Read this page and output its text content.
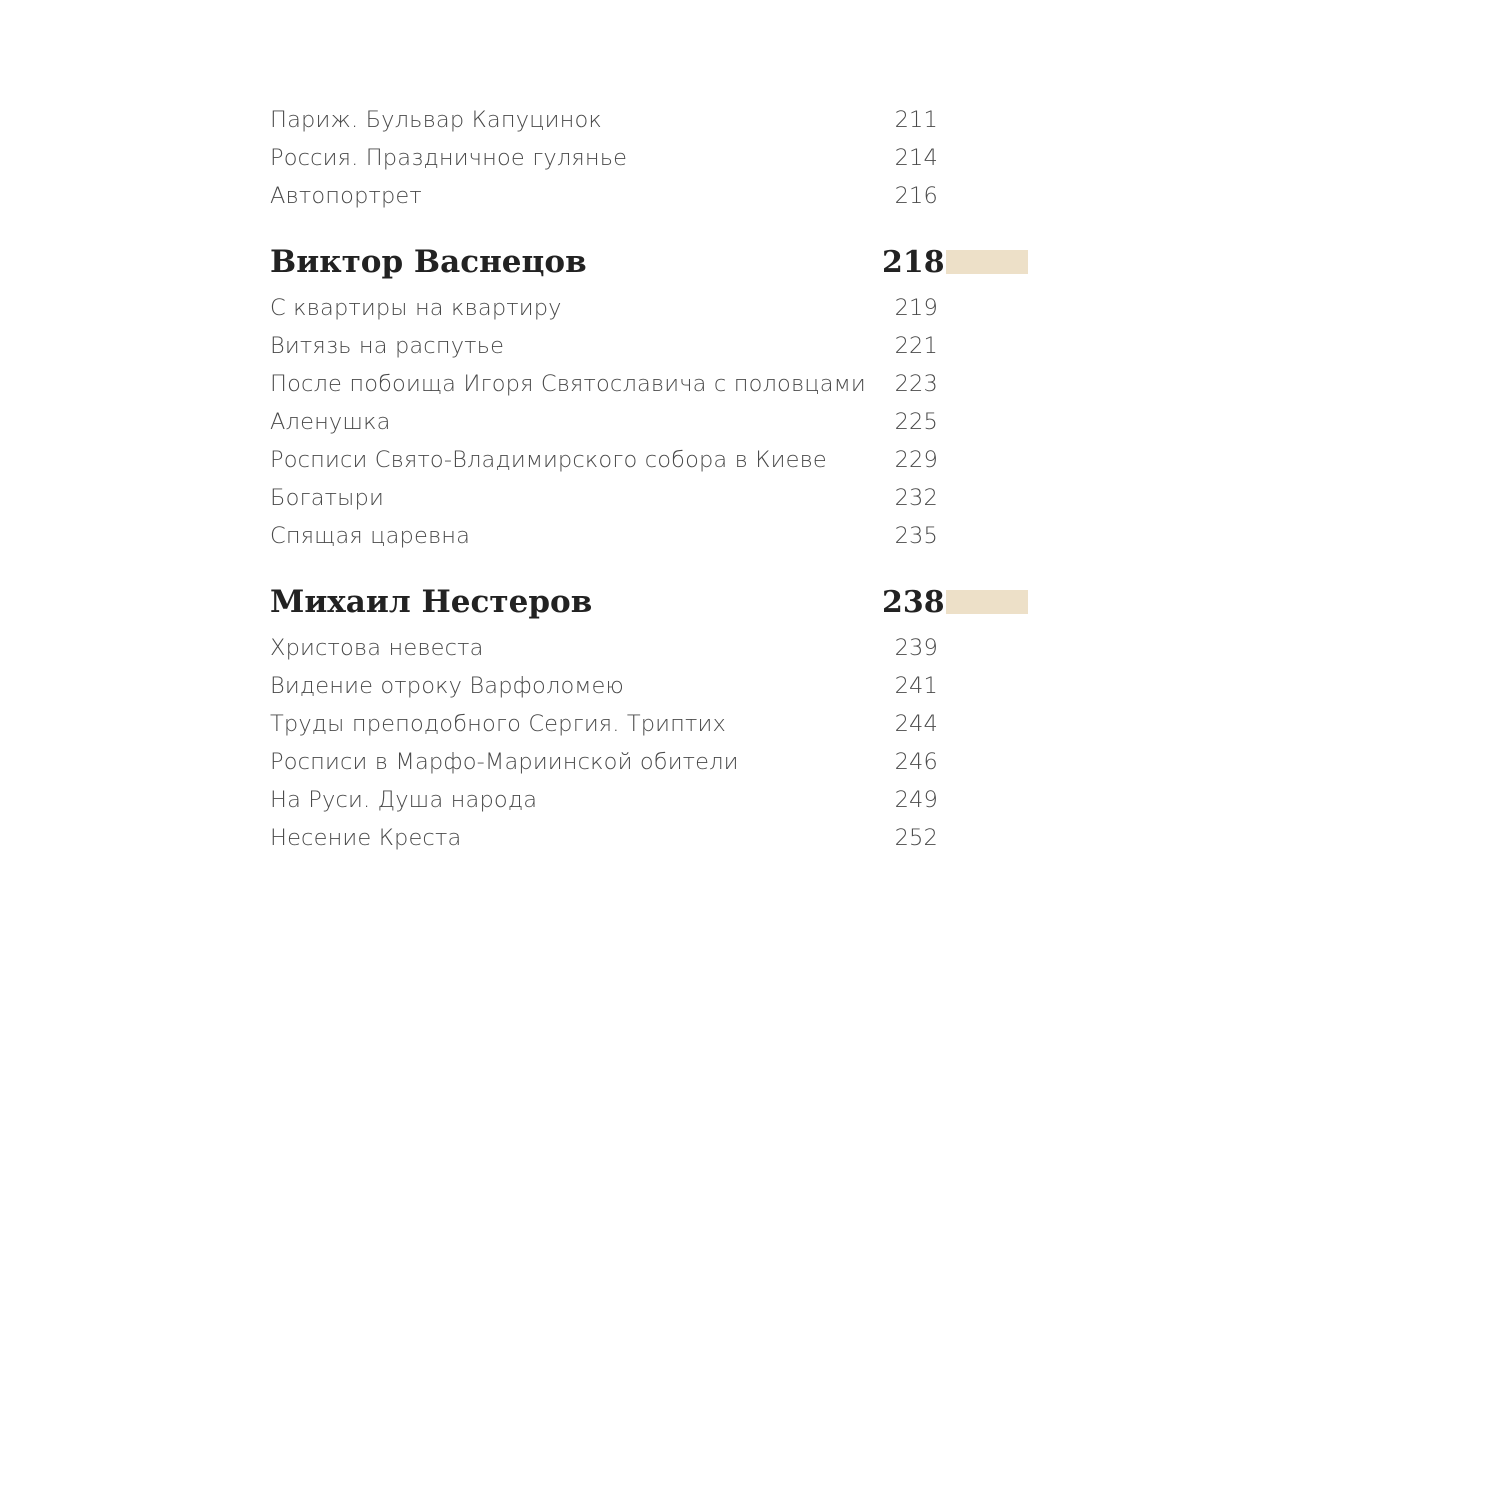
Париж. Бульвар Капуцинок	211
Россия. Праздничное гулянье	214
Автопортрет	216
Виктор Васнецов	218
С квартиры на квартиру	219
Витязь на распутье	221
После побоища Игоря Святославича с половцами	223
Аленушка	225
Росписи Свято-Владимирского собора в Киеве	229
Богатыри	232
Спящая царевна	235
Михаил Нестеров	238
Христова невеста	239
Видение отроку Варфоломею	241
Труды преподобного Сергия. Триптих	244
Росписи в Марфо-Мариинской обители	246
На Руси. Душа народа	249
Несение Креста	252
